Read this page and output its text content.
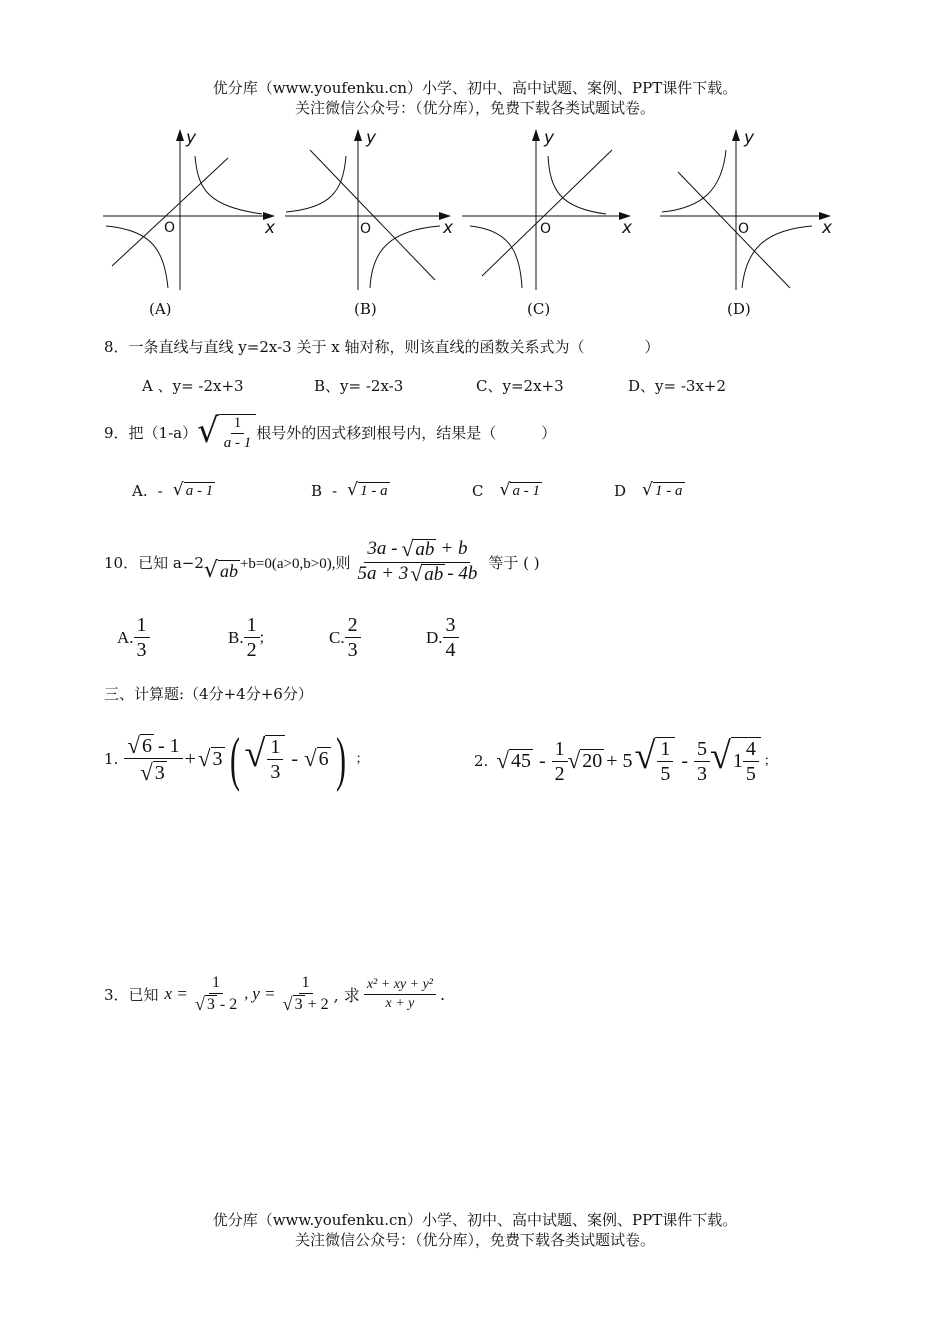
优分库（www.youfenku.cn）小学、初中、高中试题、案例、PPT课件下载。
关注微信公众号：（优分库），免费下载各类试题试卷。
y
x
O
y
x
O
y
x
O
y
x
O
(A)	(B)	(C)	(D)
8．一条直线与直线 y=2x-3 关于 x 轴对称，则该直线的函数关系式为（　　　　）
A 、y= -2x+3	B、y= -2x-3	C、y=2x+3	D、y= -3x+2
9．把（1-a） √ $\frac{1}{a - 1}$ 根号外的因式移到根号内，结果是（　　　）
A. - √ a - 1	B - √ 1 - a	C √ a - 1	D √ 1 - a
10．已知 a−2 √ ab +b=0(a>0,b>0),则 $\frac{3a - √ ab + b}{5a + 3 √ ab - 4b}$ 等于 ( )
A. $\frac{1}{3}$	B. $\frac{1}{2}$ ;	C. $\frac{2}{3}$	D. $\frac{3}{4}$
三、计算题:（4分+4分+6分）
1. $\frac{√ 6 - 1}{√ 3}$ + √ 3 ( √ $\frac{1}{3}$ - √ 6 ) ;	2. √ $45 - \frac{1}{2}$ √ 20 + 5 √ $\frac{1}{5} - \frac{5}{3}$ √ $1 \frac{4}{5}$ ;
3．已知 $x = \frac{1}{√ 3 - 2}$ , $y = \frac{1}{√ 3 + 2}$ , 求 $\frac{\text{x² + xy + y²}}{x + y}$ .
优分库（www.youfenku.cn）小学、初中、高中试题、案例、PPT课件下载。
关注微信公众号：（优分库），免费下载各类试题试卷。
